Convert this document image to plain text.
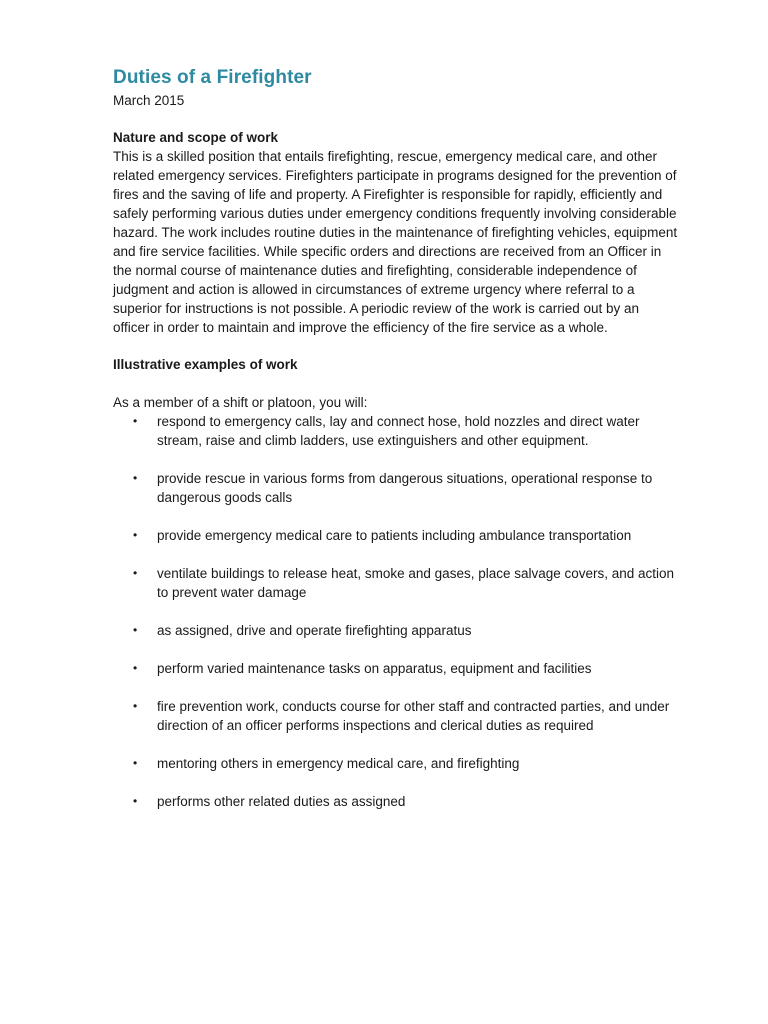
Duties of a Firefighter

March 2015

Nature and scope of work

This is a skilled position that entails firefighting, rescue, emergency medical care, and other related emergency services. Firefighters participate in programs designed for the prevention of fires and the saving of life and property. A Firefighter is responsible for rapidly, efficiently and safely performing various duties under emergency conditions frequently involving considerable hazard. The work includes routine duties in the maintenance of firefighting vehicles, equipment and fire service facilities. While specific orders and directions are received from an Officer in the normal course of maintenance duties and firefighting, considerable independence of judgment and action is allowed in circumstances of extreme urgency where referral to a superior for instructions is not possible. A periodic review of the work is carried out by an officer in order to maintain and improve the efficiency of the fire service as a whole.

Illustrative examples of work

As a member of a shift or platoon, you will:

• respond to emergency calls, lay and connect hose, hold nozzles and direct water stream, raise and climb ladders, use extinguishers and other equipment.
• provide rescue in various forms from dangerous situations, operational response to dangerous goods calls
• provide emergency medical care to patients including ambulance transportation
• ventilate buildings to release heat, smoke and gases, place salvage covers, and action to prevent water damage
• as assigned, drive and operate firefighting apparatus
• perform varied maintenance tasks on apparatus, equipment and facilities
• fire prevention work, conducts course for other staff and contracted parties, and under direction of an officer performs inspections and clerical duties as required
• mentoring others in emergency medical care, and firefighting
• performs other related duties as assigned
